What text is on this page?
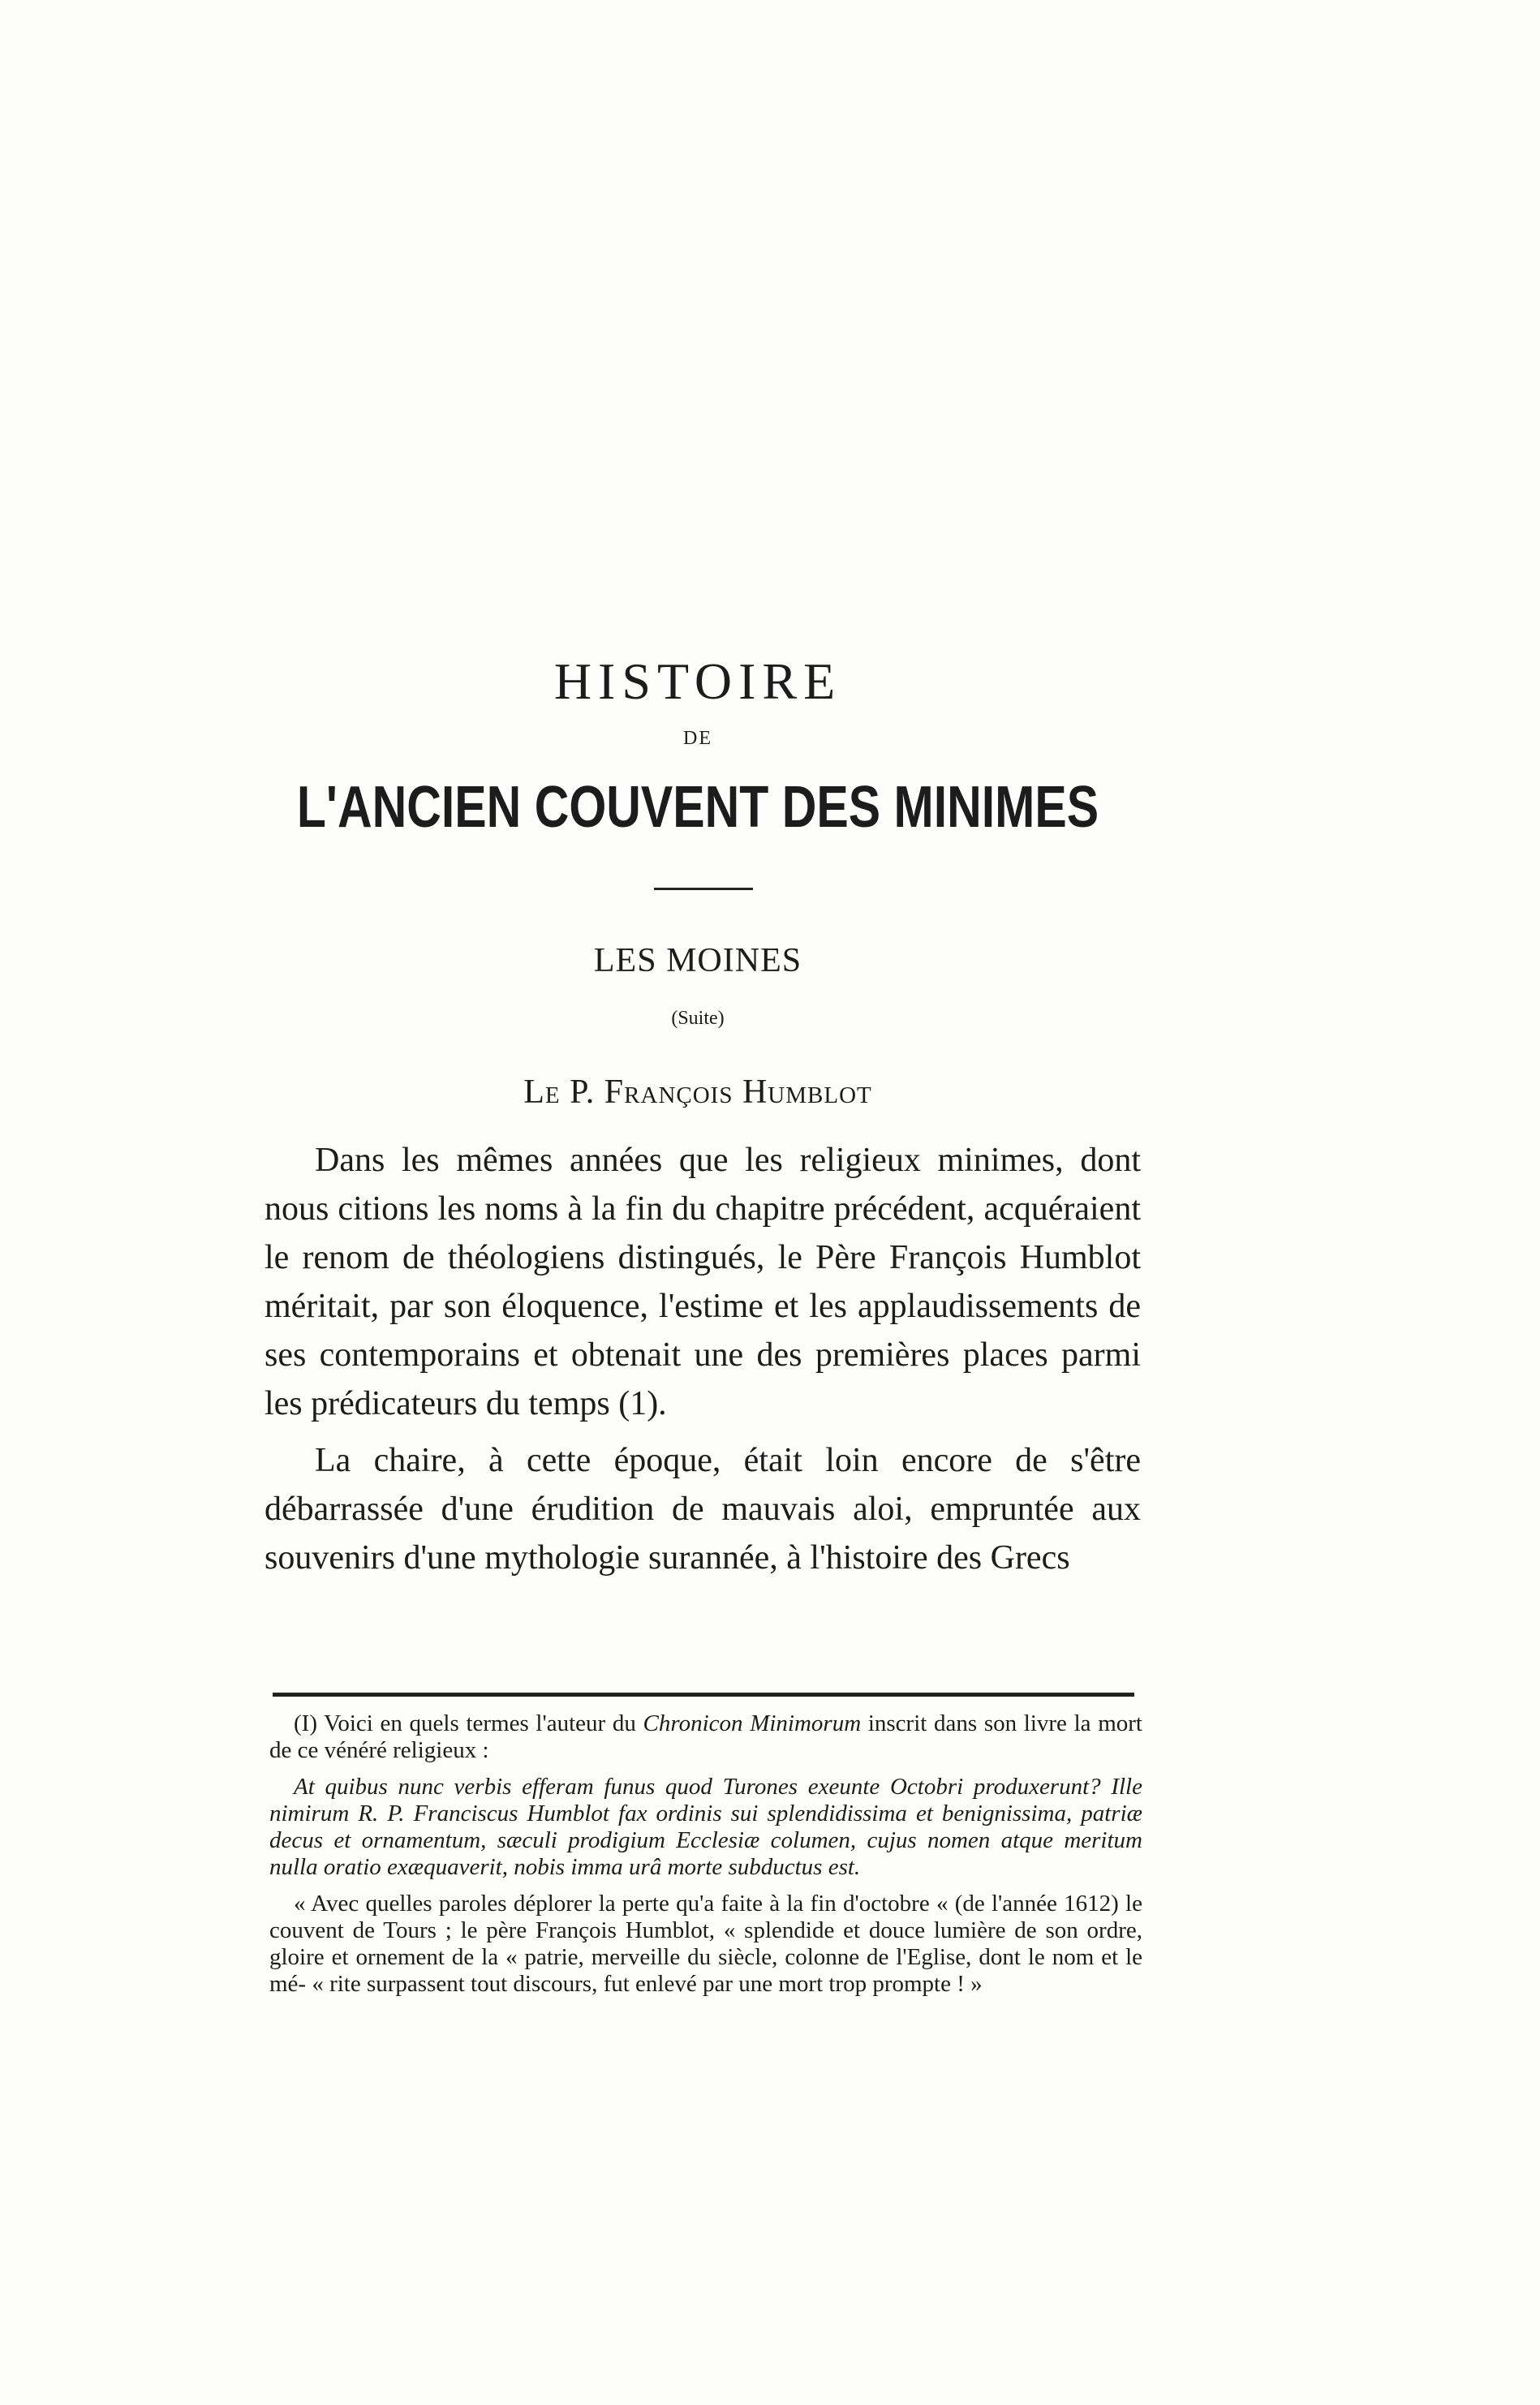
HISTOIRE
DE
L'ANCIEN COUVENT DES MINIMES
LES MOINES
(Suite)
Le P. François Humblot

Dans les mêmes années que les religieux minimes, dont nous citions les noms à la fin du chapitre précédent, acquéraient le renom de théologiens distingués, le Père François Humblot méritait, par son éloquence, l'estime et les applaudissements de ses contemporains et obtenait une des premières places parmi les prédicateurs du temps (1).

La chaire, à cette époque, était loin encore de s'être débarrassée d'une érudition de mauvais aloi, empruntée aux souvenirs d'une mythologie surannée, à l'histoire des Grecs

(I) Voici en quels termes l'auteur du Chronicon Minimorum inscrit dans son livre la mort de ce vénéré religieux :

At quibus nunc verbis efferam funus quod Turones exeunte Octobri produxerunt? Ille nimirum R. P. Franciscus Humblot fax ordinis sui splendidissima et benignissima, patriæ decus et ornamentum, sæculi prodigium Ecclesiæ columen, cujus nomen atque meritum nulla oratio exæquaverit, nobis imma urâ morte subductus est.

« Avec quelles paroles déplorer la perte qu'a faite à la fin d'octobre « (de l'année 1612) le couvent de Tours ; le père François Humblot, « splendide et douce lumière de son ordre, gloire et ornement de la « patrie, merveille du siècle, colonne de l'Eglise, dont le nom et le mé- « rite surpassent tout discours, fut enlevé par une mort trop prompte ! »
